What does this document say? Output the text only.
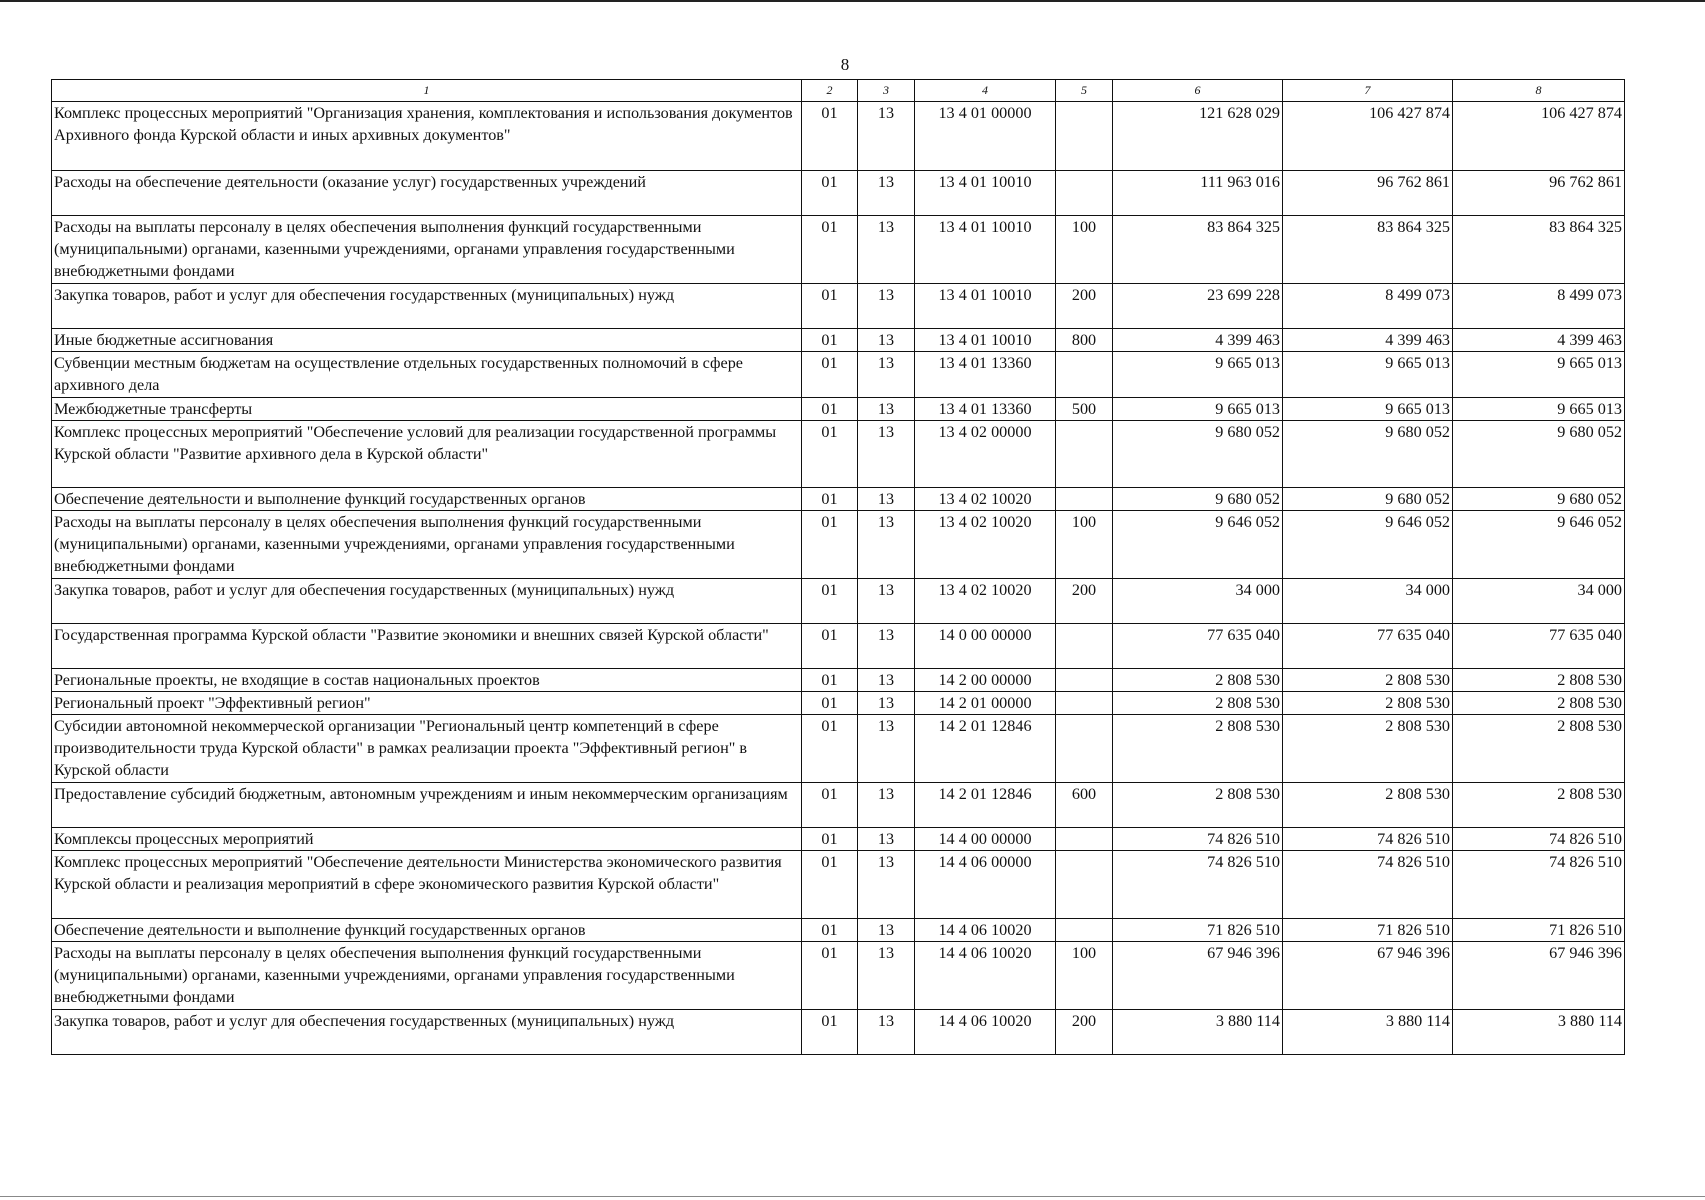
8
1	2	3	4	5	6	7	8
Комплекс процессных мероприятий "Организация хранения, комплектования и использования документов Архивного фонда Курской области и иных архивных документов"	01	13	13 4 01 00000		121 628 029	106 427 874	106 427 874
Расходы на обеспечение деятельности (оказание услуг) государственных учреждений	01	13	13 4 01 10010		111 963 016	96 762 861	96 762 861
Расходы на выплаты персоналу в целях обеспечения выполнения функций государственными (муниципальными) органами, казенными учреждениями, органами управления государственными внебюджетными фондами	01	13	13 4 01 10010	100	83 864 325	83 864 325	83 864 325
Закупка товаров, работ и услуг для обеспечения государственных (муниципальных) нужд	01	13	13 4 01 10010	200	23 699 228	8 499 073	8 499 073
Иные бюджетные ассигнования	01	13	13 4 01 10010	800	4 399 463	4 399 463	4 399 463
Субвенции местным бюджетам на осуществление отдельных государственных полномочий в сфере архивного дела	01	13	13 4 01 13360		9 665 013	9 665 013	9 665 013
Межбюджетные трансферты	01	13	13 4 01 13360	500	9 665 013	9 665 013	9 665 013
Комплекс процессных мероприятий "Обеспечение условий для реализации государственной программы Курской области "Развитие архивного дела в Курской области"	01	13	13 4 02 00000		9 680 052	9 680 052	9 680 052
Обеспечение деятельности и выполнение функций государственных органов	01	13	13 4 02 10020		9 680 052	9 680 052	9 680 052
Расходы на выплаты персоналу в целях обеспечения выполнения функций государственными (муниципальными) органами, казенными учреждениями, органами управления государственными внебюджетными фондами	01	13	13 4 02 10020	100	9 646 052	9 646 052	9 646 052
Закупка товаров, работ и услуг для обеспечения государственных (муниципальных) нужд	01	13	13 4 02 10020	200	34 000	34 000	34 000
Государственная программа Курской области "Развитие экономики и внешних связей Курской области"	01	13	14 0 00 00000		77 635 040	77 635 040	77 635 040
Региональные проекты, не входящие в состав национальных проектов	01	13	14 2 00 00000		2 808 530	2 808 530	2 808 530
Региональный проект "Эффективный регион"	01	13	14 2 01 00000		2 808 530	2 808 530	2 808 530
Субсидии автономной некоммерческой организации "Региональный центр компетенций в сфере производительности труда Курской области" в рамках реализации проекта "Эффективный регион" в Курской области	01	13	14 2 01 12846		2 808 530	2 808 530	2 808 530
Предоставление субсидий бюджетным, автономным учреждениям и иным некоммерческим организациям	01	13	14 2 01 12846	600	2 808 530	2 808 530	2 808 530
Комплексы процессных мероприятий	01	13	14 4 00 00000		74 826 510	74 826 510	74 826 510
Комплекс процессных мероприятий "Обеспечение деятельности Министерства экономического развития Курской области и реализация мероприятий в сфере экономического развития Курской области"	01	13	14 4 06 00000		74 826 510	74 826 510	74 826 510
Обеспечение деятельности и выполнение функций государственных органов	01	13	14 4 06 10020		71 826 510	71 826 510	71 826 510
Расходы на выплаты персоналу в целях обеспечения выполнения функций государственными (муниципальными) органами, казенными учреждениями, органами управления государственными внебюджетными фондами	01	13	14 4 06 10020	100	67 946 396	67 946 396	67 946 396
Закупка товаров, работ и услуг для обеспечения государственных (муниципальных) нужд	01	13	14 4 06 10020	200	3 880 114	3 880 114	3 880 114
